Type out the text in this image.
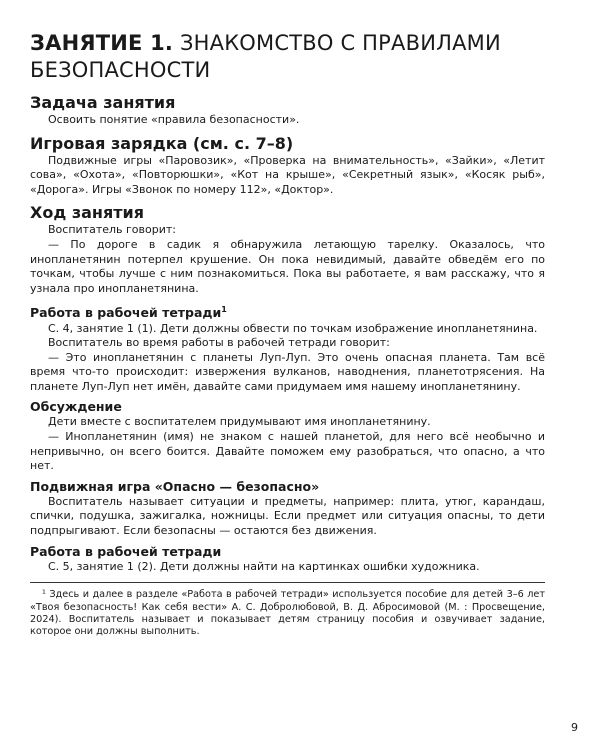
ЗАНЯТИЕ 1. ЗНАКОМСТВО С ПРАВИЛАМИ БЕЗОПАСНОСТИ
Задача занятия

Освоить понятие «правила безопасности».

Игровая зарядка (см. с. 7–8)

Подвижные игры «Паровозик», «Проверка на внимательность», «Зайки», «Летит сова», «Охота», «Повторюшки», «Кот на крыше», «Секретный язык», «Косяк рыб», «Дорога». Игры «Звонок по номеру 112», «Доктор».

Ход занятия

Воспитатель говорит:

— По дороге в садик я обнаружила летающую тарелку. Оказалось, что инопланетянин потерпел крушение. Он пока невидимый, давайте обведём его по точкам, чтобы лучше с ним познакомиться. Пока вы работаете, я вам расскажу, что я узнала про инопланетянина.

Работа в рабочей тетради$^1$

С. 4, занятие 1 (1). Дети должны обвести по точкам изображение инопланетянина.

Воспитатель во время работы в рабочей тетради говорит:

— Это инопланетянин с планеты Луп-Луп. Это очень опасная планета. Там всё время что-то происходит: извержения вулканов, наводнения, планетотрясения. На планете Луп-Луп нет имён, давайте сами придумаем имя нашему инопланетянину.

Обсуждение

Дети вместе с воспитателем придумывают имя инопланетянину.

— Инопланетянин (имя) не знаком с нашей планетой, для него всё необычно и непривычно, он всего боится. Давайте поможем ему разобраться, что опасно, а что нет.

Подвижная игра «Опасно — безопасно»

Воспитатель называет ситуации и предметы, например: плита, утюг, карандаш, спички, подушка, зажигалка, ножницы. Если предмет или ситуация опасны, то дети подпрыгивают. Если безопасны — остаются без движения.

Работа в рабочей тетради

С. 5, занятие 1 (2). Дети должны найти на картинках ошибки художника.

¹ Здесь и далее в разделе «Работа в рабочей тетради» используется пособие для детей 3–6 лет «Твоя безопасность! Как себя вести» А. С. Добролюбовой, В. Д. Абросимовой (М. : Просвещение, 2024). Воспитатель называет и показывает детям страницу пособия и озвучивает задание, которое они должны выполнить.

9
